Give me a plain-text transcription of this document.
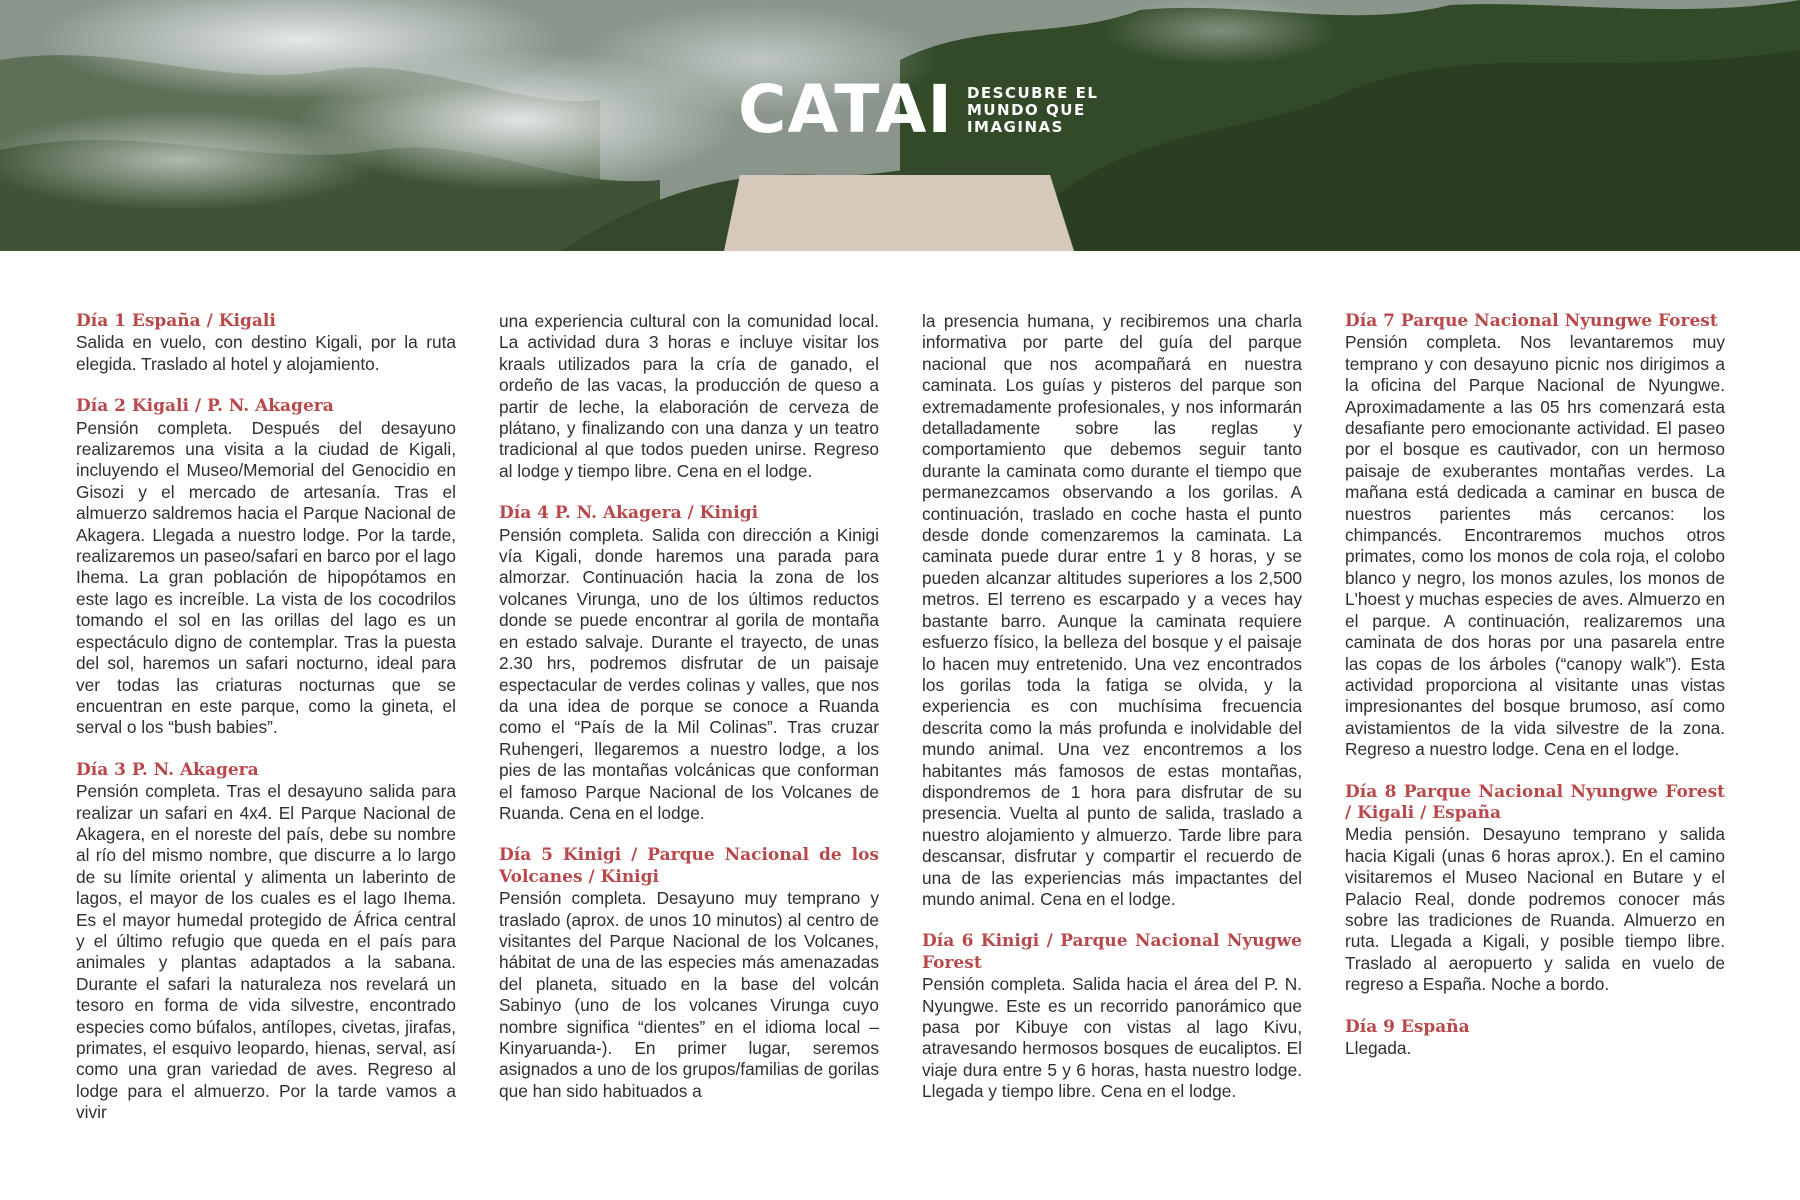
CATAI DESCUBRE EL
MUNDO QUE
IMAGINAS
Día 1 España / Kigali

Salida en vuelo, con destino Kigali, por la ruta elegida. Traslado al hotel y alojamiento.

Día 2 Kigali / P. N. Akagera

Pensión completa. Después del desayuno realizaremos una visita a la ciudad de Kigali, incluyendo el Museo/Memorial del Genocidio en Gisozi y el mercado de artesanía. Tras el almuerzo saldremos hacia el Parque Nacional de Akagera. Llegada a nuestro lodge. Por la tarde, realizaremos un paseo/safari en barco por el lago Ihema. La gran población de hipopótamos en este lago es increíble. La vista de los cocodrilos tomando el sol en las orillas del lago es un espectáculo digno de contemplar. Tras la puesta del sol, haremos un safari nocturno, ideal para ver todas las criaturas nocturnas que se encuentran en este parque, como la gineta, el serval o los “bush babies”.

Día 3 P. N. Akagera

Pensión completa. Tras el desayuno salida para realizar un safari en 4x4. El Parque Nacional de Akagera, en el noreste del país, debe su nombre al río del mismo nombre, que discurre a lo largo de su límite oriental y alimenta un laberinto de lagos, el mayor de los cuales es el lago Ihema. Es el mayor humedal protegido de África central y el último refugio que queda en el país para animales y plantas adaptados a la sabana. Durante el safari la naturaleza nos revelará un tesoro en forma de vida silvestre, encontrado especies como búfalos, antílopes, civetas, jirafas, primates, el esquivo leopardo, hienas, serval, así como una gran variedad de aves. Regreso al lodge para el almuerzo. Por la tarde vamos a vivir

una experiencia cultural con la comunidad local. La actividad dura 3 horas e incluye visitar los kraals utilizados para la cría de ganado, el ordeño de las vacas, la producción de queso a partir de leche, la elaboración de cerveza de plátano, y finalizando con una danza y un teatro tradicional al que todos pueden unirse. Regreso al lodge y tiempo libre. Cena en el lodge.

Día 4 P. N. Akagera / Kinigi

Pensión completa. Salida con dirección a Kinigi vía Kigali, donde haremos una parada para almorzar. Continuación hacia la zona de los volcanes Virunga, uno de los últimos reductos donde se puede encontrar al gorila de montaña en estado salvaje. Durante el trayecto, de unas 2.30 hrs, podremos disfrutar de un paisaje espectacular de verdes colinas y valles, que nos da una idea de porque se conoce a Ruanda como el “País de la Mil Colinas”. Tras cruzar Ruhengeri, llegaremos a nuestro lodge, a los pies de las montañas volcánicas que conforman el famoso Parque Nacional de los Volcanes de Ruanda. Cena en el lodge.

Día 5 Kinigi / Parque Nacional de los Volcanes / Kinigi

Pensión completa. Desayuno muy temprano y traslado (aprox. de unos 10 minutos) al centro de visitantes del Parque Nacional de los Volcanes, hábitat de una de las especies más amenazadas del planeta, situado en la base del volcán Sabinyo (uno de los volcanes Virunga cuyo nombre significa “dientes” en el idioma local –Kinyaruanda-). En primer lugar, seremos asignados a uno de los grupos/familias de gorilas que han sido habituados a

la presencia humana, y recibiremos una charla informativa por parte del guía del parque nacional que nos acompañará en nuestra caminata. Los guías y pisteros del parque son extremadamente profesionales, y nos informarán detalladamente sobre las reglas y comportamiento que debemos seguir tanto durante la caminata como durante el tiempo que permanezcamos observando a los gorilas. A continuación, traslado en coche hasta el punto desde donde comenzaremos la caminata. La caminata puede durar entre 1 y 8 horas, y se pueden alcanzar altitudes superiores a los 2,500 metros. El terreno es escarpado y a veces hay bastante barro. Aunque la caminata requiere esfuerzo físico, la belleza del bosque y el paisaje lo hacen muy entretenido. Una vez encontrados los gorilas toda la fatiga se olvida, y la experiencia es con muchísima frecuencia descrita como la más profunda e inolvidable del mundo animal. Una vez encontremos a los habitantes más famosos de estas montañas, dispondremos de 1 hora para disfrutar de su presencia. Vuelta al punto de salida, traslado a nuestro alojamiento y almuerzo. Tarde libre para descansar, disfrutar y compartir el recuerdo de una de las experiencias más impactantes del mundo animal. Cena en el lodge.

Día 6 Kinigi / Parque Nacional Nyugwe Forest

Pensión completa. Salida hacia el área del P. N. Nyungwe. Este es un recorrido panorámico que pasa por Kibuye con vistas al lago Kivu, atravesando hermosos bosques de eucaliptos. El viaje dura entre 5 y 6 horas, hasta nuestro lodge. Llegada y tiempo libre. Cena en el lodge.

Día 7 Parque Nacional Nyungwe Forest

Pensión completa. Nos levantaremos muy temprano y con desayuno picnic nos dirigimos a la oficina del Parque Nacional de Nyungwe. Aproximadamente a las 05 hrs comenzará esta desafiante pero emocionante actividad. El paseo por el bosque es cautivador, con un hermoso paisaje de exuberantes montañas verdes. La mañana está dedicada a caminar en busca de nuestros parientes más cercanos: los chimpancés. Encontraremos muchos otros primates, como los monos de cola roja, el colobo blanco y negro, los monos azules, los monos de L'hoest y muchas especies de aves. Almuerzo en el parque. A continuación, realizaremos una caminata de dos horas por una pasarela entre las copas de los árboles (“canopy walk”). Esta actividad proporciona al visitante unas vistas impresionantes del bosque brumoso, así como avistamientos de la vida silvestre de la zona. Regreso a nuestro lodge. Cena en el lodge.

Día 8 Parque Nacional Nyungwe Forest / Kigali / España

Media pensión. Desayuno temprano y salida hacia Kigali (unas 6 horas aprox.). En el camino visitaremos el Museo Nacional en Butare y el Palacio Real, donde podremos conocer más sobre las tradiciones de Ruanda. Almuerzo en ruta. Llegada a Kigali, y posible tiempo libre. Traslado al aeropuerto y salida en vuelo de regreso a España. Noche a bordo.

Día 9 España

Llegada.
